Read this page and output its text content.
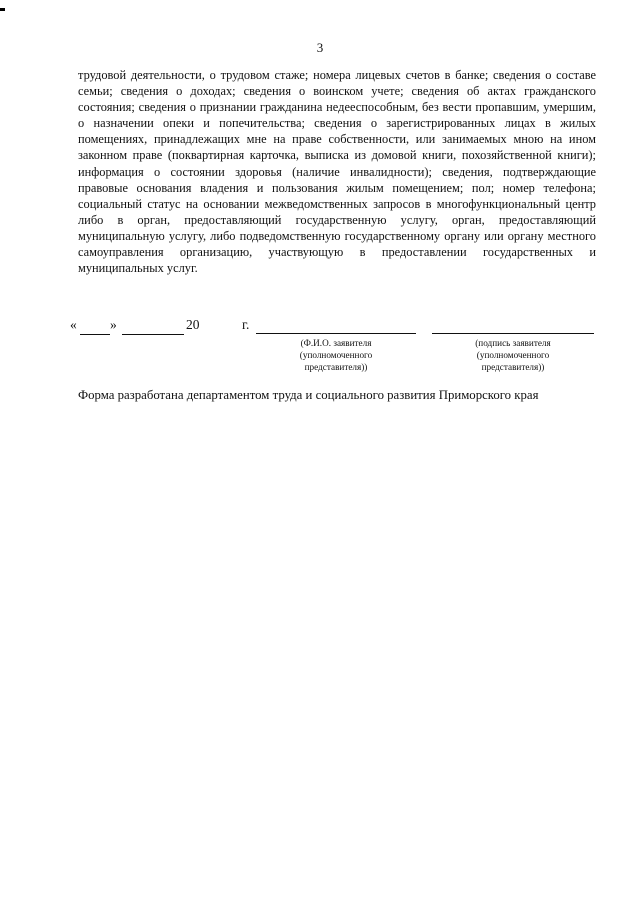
3
трудовой деятельности, о трудовом стаже; номера лицевых счетов в банке; сведения о составе семьи; сведения о доходах; сведения о воинском учете; сведения об актах гражданского состояния; сведения о признании гражданина недееспособным, без вести пропавшим, умершим, о назначении опеки и попечительства; сведения о зарегистрированных лицах в жилых помещениях, принадлежащих мне на праве собственности, или занимаемых мною на ином законном праве (поквартирная карточка, выписка из домовой книги, похозяйственной книги); информация о состоянии здоровья (наличие инвалидности); сведения, подтверждающие правовые основания владения и пользования жилым помещением; пол; номер телефона; социальный статус на основании межведомственных запросов в многофункциональный центр либо в орган, предоставляющий государственную услугу, орган, предоставляющий муниципальную услугу, либо подведомственную государственному органу или органу местного самоуправления организацию, участвующую в предоставлении государственных и муниципальных услуг.
« »	20	г.
(Ф.И.О. заявителя (уполномоченного представителя))
(подпись заявителя (уполномоченного представителя))
Форма разработана департаментом труда и социального развития Приморского края
